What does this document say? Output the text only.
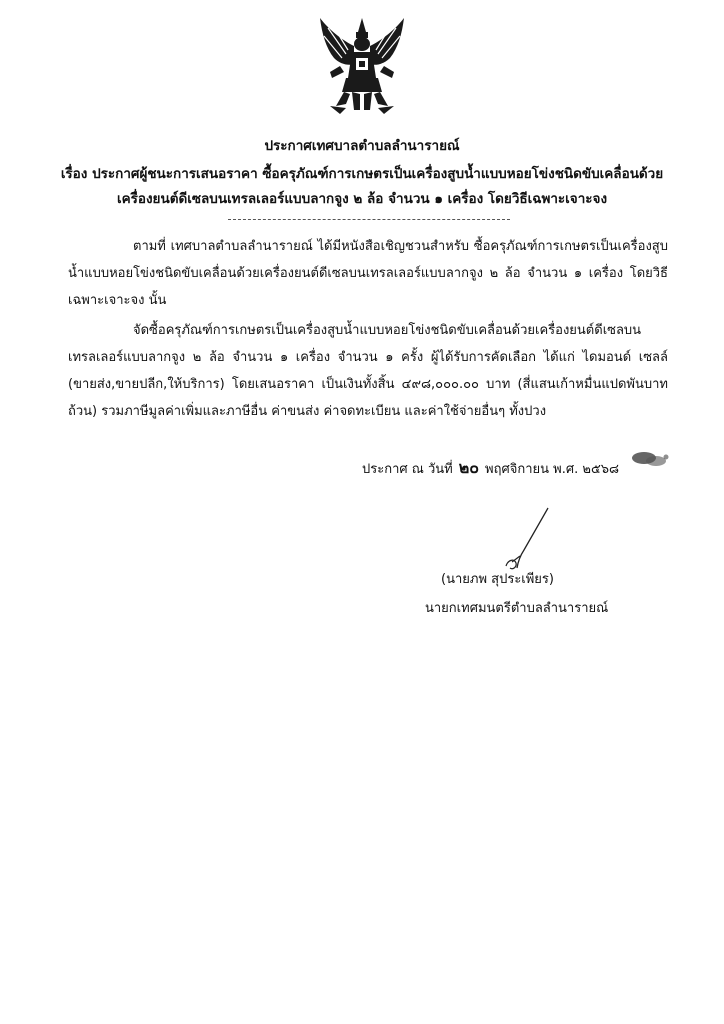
ประกาศเทศบาลตำบลลำนารายณ์
เรื่อง ประกาศผู้ชนะการเสนอราคา ซื้อครุภัณฑ์การเกษตรเป็นเครื่องสูบน้ำแบบหอยโข่งชนิดขับเคลื่อนด้วย
เครื่องยนต์ดีเซลบนเทรลเลอร์แบบลากจูง ๒ ล้อ จำนวน ๑ เครื่อง โดยวิธีเฉพาะเจาะจง
ตามที่ เทศบาลตำบลลำนารายณ์ ได้มีหนังสือเชิญชวนสำหรับ ซื้อครุภัณฑ์การเกษตรเป็นเครื่องสูบน้ำแบบหอยโข่งชนิดขับเคลื่อนด้วยเครื่องยนต์ดีเซลบนเทรลเลอร์แบบลากจูง ๒ ล้อ จำนวน ๑ เครื่อง โดยวิธีเฉพาะเจาะจง นั้น
จัดซื้อครุภัณฑ์การเกษตรเป็นเครื่องสูบน้ำแบบหอยโข่งชนิดขับเคลื่อนด้วยเครื่องยนต์ดีเซลบนเทรลเลอร์แบบลากจูง ๒ ล้อ จำนวน ๑ เครื่อง จำนวน ๑ ครั้ง ผู้ได้รับการคัดเลือก ได้แก่ ไดมอนด์ เซลล์ (ขายส่ง,ขายปลีก,ให้บริการ) โดยเสนอราคา เป็นเงินทั้งสิ้น ๔๙๘,๐๐๐.๐๐ บาท (สี่แสนเก้าหมื่นแปดพันบาทถ้วน) รวมภาษีมูลค่าเพิ่มและภาษีอื่น ค่าขนส่ง ค่าจดทะเบียน และค่าใช้จ่ายอื่นๆ ทั้งปวง
ประกาศ ณ วันที่ ๒๐ พฤศจิกายน พ.ศ. ๒๕๖๘
(นายภพ สุประเพียร)
นายกเทศมนตรีตำบลลำนารายณ์
